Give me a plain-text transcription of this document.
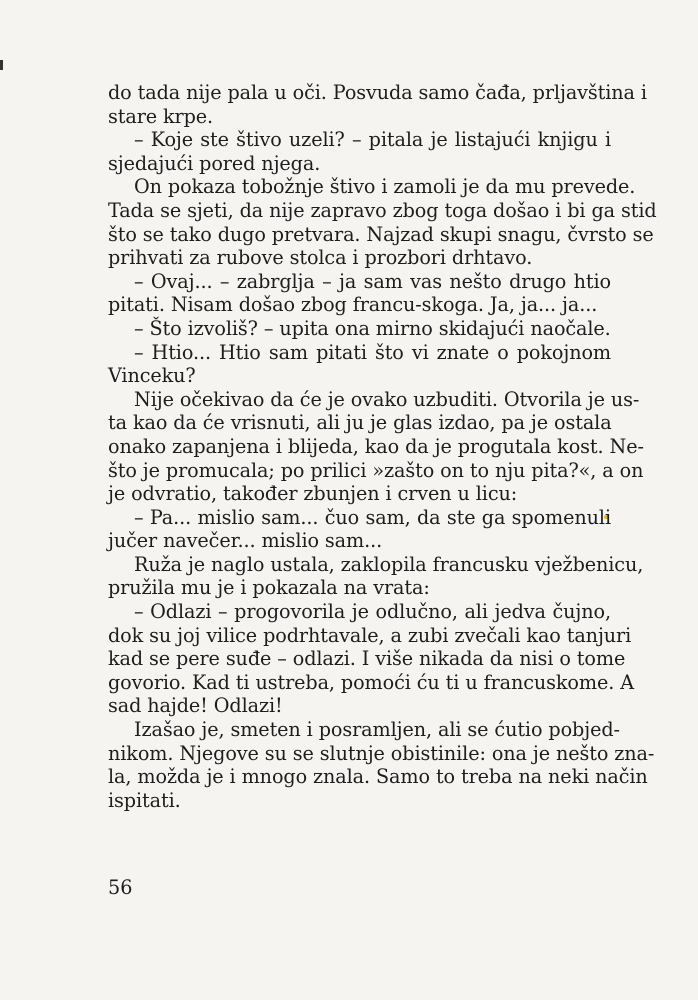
do tada nije pala u oči. Posvuda samo čađa, prljavština i
stare krpe.
– Koje ste štivo uzeli? – pitala je listajući knjigu i
sjedajući pored njega.
On pokaza tobožnje štivo i zamoli je da mu prevede.
Tada se sjeti, da nije zapravo zbog toga došao i bi ga stid
što se tako dugo pretvara. Najzad skupi snagu, čvrsto se
prihvati za rubove stolca i prozbori drhtavo.
– Ovaj... – zabrglja – ja sam vas nešto drugo htio
pitati. Nisam došao zbog francu-skoga. Ja, ja... ja...
– Što izvoliš? – upita ona mirno skidajući naočale.
– Htio... Htio sam pitati što vi znate o pokojnom
Vinceku?
Nije očekivao da će je ovako uzbuditi. Otvorila je us-
ta kao da će vrisnuti, ali ju je glas izdao, pa je ostala
onako zapanjena i blijeda, kao da je progutala kost. Ne-
što je promucala; po prilici »zašto on to nju pita?«, a on
je odvratio, također zbunjen i crven u licu:
– Pa... mislio sam... čuo sam, da ste ga spomenuli
jučer navečer... mislio sam...
Ruža je naglo ustala, zaklopila francusku vježbenicu,
pružila mu je i pokazala na vrata:
– Odlazi – progovorila je odlučno, ali jedva čujno,
dok su joj vilice podrhtavale, a zubi zvečali kao tanjuri
kad se pere suđe – odlazi. I više nikada da nisi o tome
govorio. Kad ti ustreba, pomoći ću ti u francuskome. A
sad hajde! Odlazi!
Izašao je, smeten i posramljen, ali se ćutio pobjed-
nikom. Njegove su se slutnje obistinile: ona je nešto zna-
la, možda je i mnogo znala. Samo to treba na neki način
ispitati.
56
